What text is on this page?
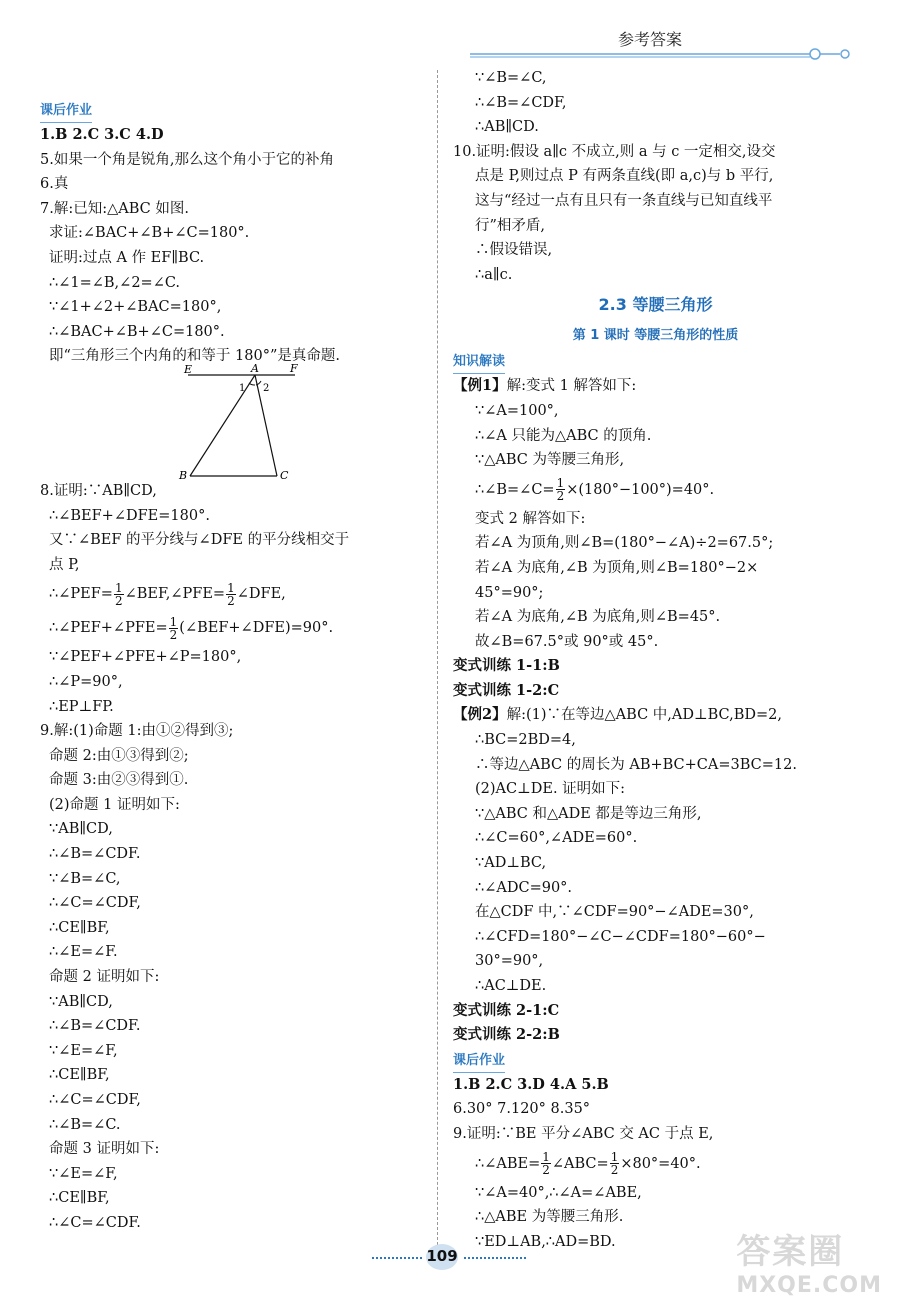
参考答案
课后作业
1.B 2.C 3.C 4.D
5.如果一个角是锐角,那么这个角小于它的补角
6.真
7.解:已知:△ABC 如图.
求证:∠BAC+∠B+∠C=180°.
证明:过点 A 作 EF∥BC.
∴∠1=∠B,∠2=∠C.
∵∠1+∠2+∠BAC=180°,
∴∠BAC+∠B+∠C=180°.
即“三角形三个内角的和等于 180°”是真命题.
E	A	F
1 2
B	C
8.证明:∵AB∥CD,
∴∠BEF+∠DFE=180°.
又∵∠BEF 的平分线与∠DFE 的平分线相交于
点 P,
∴∠PEF= $\frac{1}{2}$ ∠BEF,∠PFE= $\frac{1}{2}$ ∠DFE,
∴∠PEF+∠PFE= $\frac{1}{2}$ (∠BEF+∠DFE)=90°.
∵∠PEF+∠PFE+∠P=180°,
∴∠P=90°,
∴EP⊥FP.
9.解:(1)命题 1:由①②得到③;
命题 2:由①③得到②;
命题 3:由②③得到①.
(2)命题 1 证明如下:
∵AB∥CD,
∴∠B=∠CDF.
∵∠B=∠C,
∴∠C=∠CDF,
∴CE∥BF,
∴∠E=∠F.
命题 2 证明如下:
∵AB∥CD,
∴∠B=∠CDF.
∵∠E=∠F,
∴CE∥BF,
∴∠C=∠CDF,
∴∠B=∠C.
命题 3 证明如下:
∵∠E=∠F,
∴CE∥BF,
∴∠C=∠CDF.
∵∠B=∠C,
∴∠B=∠CDF,
∴AB∥CD.
10.证明:假设 a∥c 不成立,则 a 与 c 一定相交,设交
点是 P,则过点 P 有两条直线(即 a,c)与 b 平行,
这与“经过一点有且只有一条直线与已知直线平
行”相矛盾,
∴假设错误,
∴a∥c.
2.3 等腰三角形
第 1 课时 等腰三角形的性质
知识解读
【例1】解:变式 1 解答如下:
∵∠A=100°,
∴∠A 只能为△ABC 的顶角.
∵△ABC 为等腰三角形,
∴∠B=∠C= $\frac{1}{2} \times(180^\circ-100^\circ)=40^\circ$.
变式 2 解答如下:
若∠A 为顶角,则∠B=(180°−∠A)÷2=67.5°;
若∠A 为底角,∠B 为顶角,则∠B=180°−2×
45°=90°;
若∠A 为底角,∠B 为底角,则∠B=45°.
故∠B=67.5°或 90°或 45°.
变式训练 1-1:B
变式训练 1-2:C
【例2】解:(1)∵在等边△ABC 中,AD⊥BC,BD=2,
∴BC=2BD=4,
∴等边△ABC 的周长为 AB+BC+CA=3BC=12.
(2)AC⊥DE. 证明如下:
∵△ABC 和△ADE 都是等边三角形,
∴∠C=60°,∠ADE=60°.
∵AD⊥BC,
∴∠ADC=90°.
在△CDF 中,∵∠CDF=90°−∠ADE=30°,
∴∠CFD=180°−∠C−∠CDF=180°−60°−
30°=90°,
∴AC⊥DE.
变式训练 2-1:C
变式训练 2-2:B
课后作业
1.B 2.C 3.D 4.A 5.B
6.30° 7.120° 8.35°
9.证明:∵BE 平分∠ABC 交 AC 于点 E,
∴∠ABE= $\frac{1}{2}$ ∠ABC= $\frac{1}{2} \times 80^\circ=40^\circ$.
∵∠A=40°,∴∠A=∠ABE,
∴△ABE 为等腰三角形.
∵ED⊥AB,∴AD=BD.
109	答案圈
MXQE.COM
